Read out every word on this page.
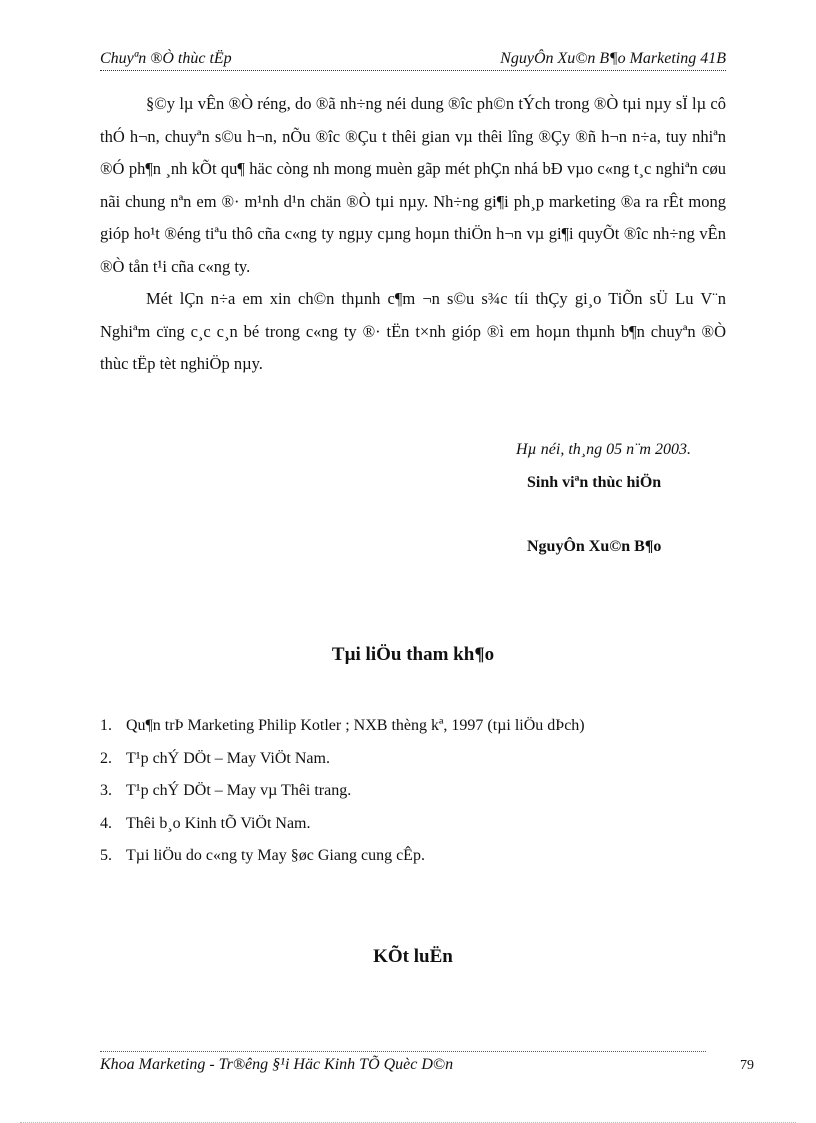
Chuyªn ®Ò thùc tËp	NguyÔn Xu©n B¶o Marketing 41B

§©y lµ vÊn ®Ò réng, do ®ã nh÷ng néi dung ®îc ph©n tÝch trong ®Ò tµi nµy sÏ lµ cô thÓ h¬n, chuyªn s©u h¬n, nÕu ®îc ®Çu t thêi gian vµ thêi lîng ®Çy ®ñ h¬n n÷a, tuy nhiªn ®Ó ph¶n ¸nh kÕt qu¶ häc còng nh mong muèn gãp mét phÇn nhá bÐ vµo c«ng t¸c nghiªn cøu nãi chung nªn em ®· m¹nh d¹n chän ®Ò tµi nµy. Nh÷ng gi¶i ph¸p marketing ®a ra rÊt mong gióp ho¹t ®éng tiªu thô cña c«ng ty ngµy cµng hoµn thiÖn h¬n vµ gi¶i quyÕt ®îc nh÷ng vÊn ®Ò tån t¹i cña c«ng ty.

Mét lÇn n÷a em xin ch©n thµnh c¶m ¬n s©u s¾c tíi thÇy gi¸o TiÕn sÜ Lu V¨n Nghiªm cïng c¸c c¸n bé trong c«ng ty ®· tËn t×nh gióp ®ì em hoµn thµnh b¶n chuyªn ®Ò thùc tËp tèt nghiÖp nµy.

Hµ néi, th¸ng 05 n¨m 2003.
Sinh viªn thùc hiÖn
NguyÔn Xu©n B¶o
Tµi liÖu tham kh¶o
1. Qu¶n trÞ Marketing Philip Kotler ; NXB thèng kª, 1997 (tµi liÖu dÞch)
2. T¹p chÝ DÖt – May ViÖt Nam.
3. T¹p chÝ DÖt – May vµ Thêi trang.
4. Thêi b¸o Kinh tÕ ViÖt Nam.
5. Tµi liÖu do c«ng ty May §øc Giang cung cÊp.
KÕt luËn
Khoa Marketing - Tr®êng §¹i Häc Kinh TÕ Quèc D©n	79
